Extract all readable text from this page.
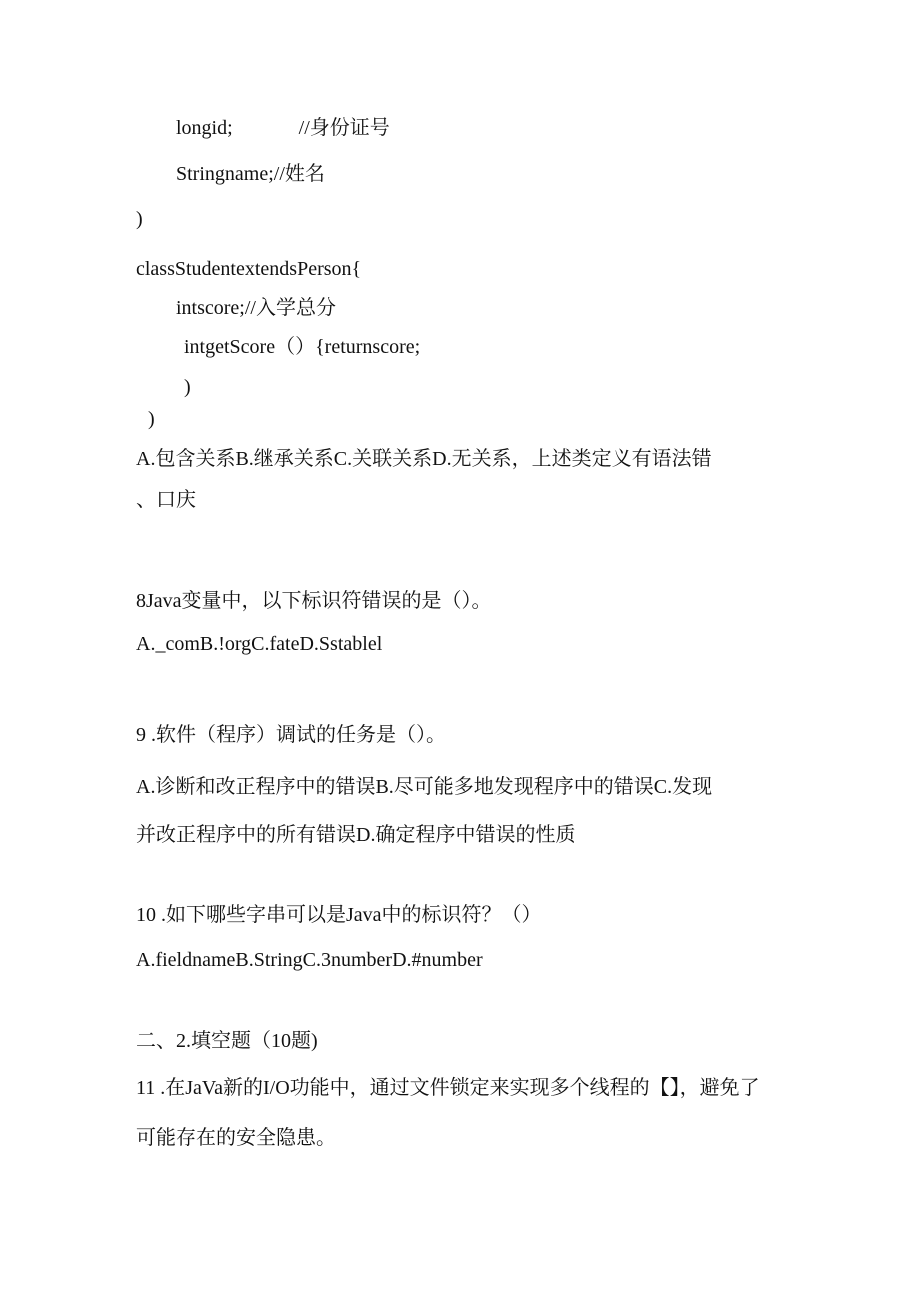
longid;	//身份证号
Stringname;//姓名
)
classStudentextendsPerson{
intscore;//入学总分
intgetScore（）{returnscore;
)
)
A.包含关系B.继承关系C.关联关系D.无关系，上述类定义有语法错
、口庆
8Java变量中，以下标识符错误的是（）。
A._comB.!orgC.fateD.Sstablel
9 .软件（程序）调试的任务是（）。
A.诊断和改正程序中的错误B.尽可能多地发现程序中的错误C.发现
并改正程序中的所有错误D.确定程序中错误的性质
10 .如下哪些字串可以是Java中的标识符？（）
A.fieldnameB.StringC.3numberD.#number
二、2.填空题（10题)
11 .在JaVa新的I/O功能中，通过文件锁定来实现多个线程的【】，避免了
可能存在的安全隐患。
